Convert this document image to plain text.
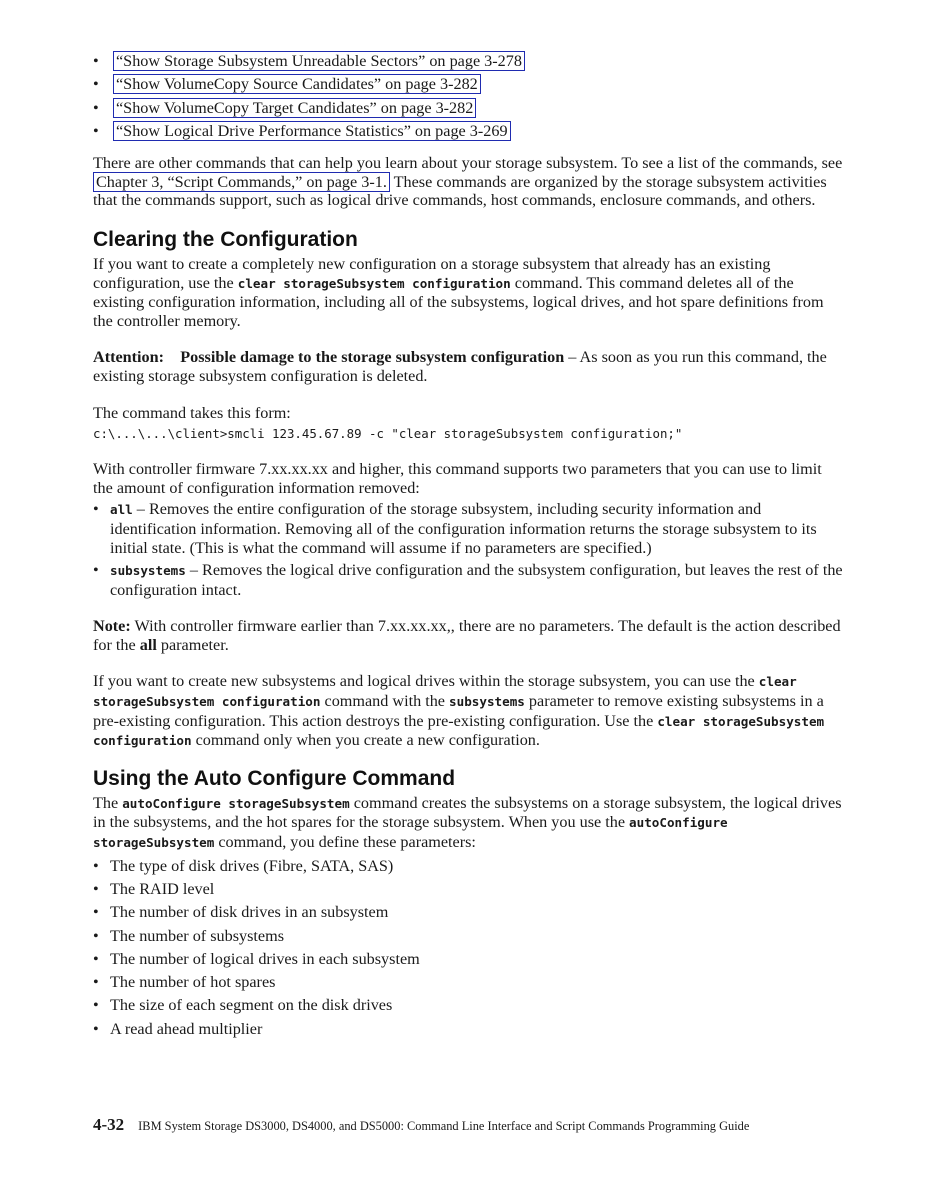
• “Show Storage Subsystem Unreadable Sectors” on page 3-278
• “Show VolumeCopy Source Candidates” on page 3-282
• “Show VolumeCopy Target Candidates” on page 3-282
• “Show Logical Drive Performance Statistics” on page 3-269

There are other commands that can help you learn about your storage subsystem. To see a list of the commands, see Chapter 3, “Script Commands,” on page 3-1. These commands are organized by the storage subsystem activities that the commands support, such as logical drive commands, host commands, enclosure commands, and others.

Clearing the Configuration

If you want to create a completely new configuration on a storage subsystem that already has an existing configuration, use the clear storageSubsystem configuration command. This command deletes all of the existing configuration information, including all of the subsystems, logical drives, and hot spare definitions from the controller memory.

Attention: Possible damage to the storage subsystem configuration – As soon as you run this command, the existing storage subsystem configuration is deleted.

The command takes this form:

c:\...\...\client>smcli 123.45.67.89 -c "clear storageSubsystem configuration;"

With controller firmware 7.xx.xx.xx and higher, this command supports two parameters that you can use to limit the amount of configuration information removed:

• all – Removes the entire configuration of the storage subsystem, including security information and identification information. Removing all of the configuration information returns the storage subsystem to its initial state. (This is what the command will assume if no parameters are specified.)
• subsystems – Removes the logical drive configuration and the subsystem configuration, but leaves the rest of the configuration intact.

Note: With controller firmware earlier than 7.xx.xx.xx,, there are no parameters. The default is the action described for the all parameter.

If you want to create new subsystems and logical drives within the storage subsystem, you can use the clear storageSubsystem configuration command with the subsystems parameter to remove existing subsystems in a pre-existing configuration. This action destroys the pre-existing configuration. Use the clear storageSubsystem configuration command only when you create a new configuration.

Using the Auto Configure Command

The autoConfigure storageSubsystem command creates the subsystems on a storage subsystem, the logical drives in the subsystems, and the hot spares for the storage subsystem. When you use the autoConfigure storageSubsystem command, you define these parameters:

• The type of disk drives (Fibre, SATA, SAS)
• The RAID level
• The number of disk drives in an subsystem
• The number of subsystems
• The number of logical drives in each subsystem
• The number of hot spares
• The size of each segment on the disk drives
• A read ahead multiplier
4-32 IBM System Storage DS3000, DS4000, and DS5000: Command Line Interface and Script Commands Programming Guide
